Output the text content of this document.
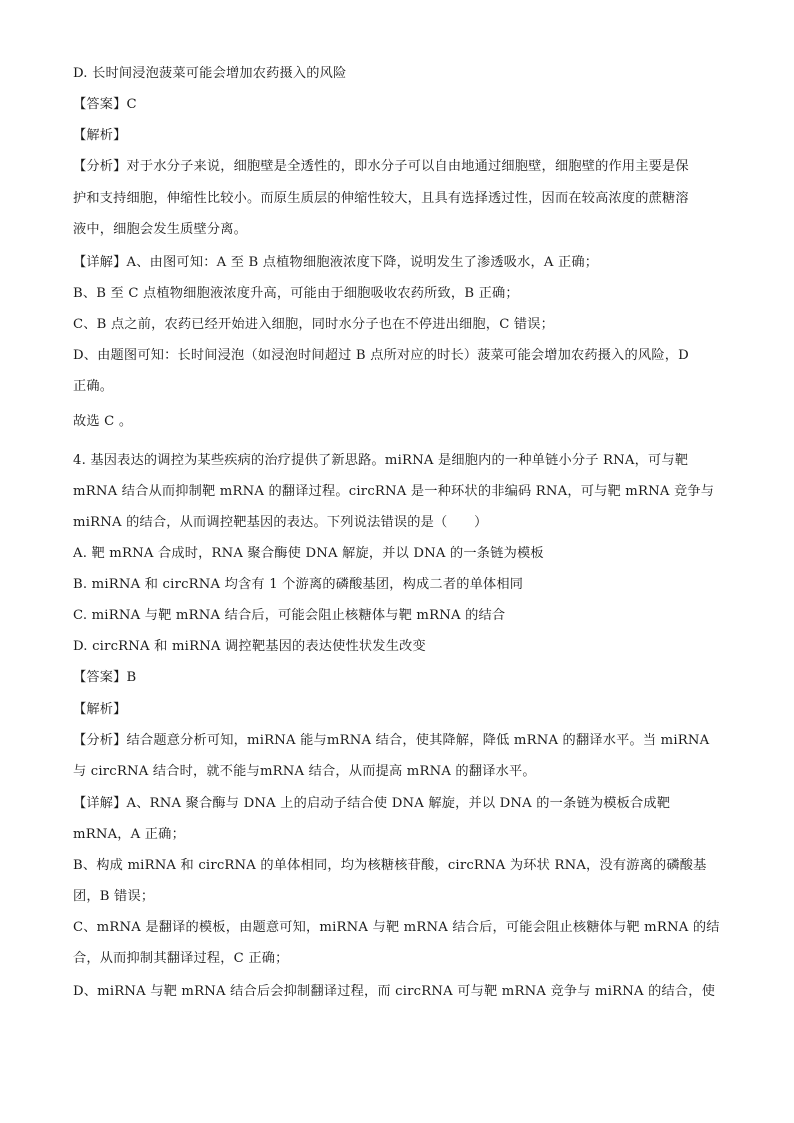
D. 长时间浸泡菠菜可能会增加农药摄入的风险
【答案】C
【解析】
【分析】对于水分子来说，细胞壁是全透性的，即水分子可以自由地通过细胞壁，细胞壁的作用主要是保
护和支持细胞，伸缩性比较小。而原生质层的伸缩性较大，且具有选择透过性，因而在较高浓度的蔗糖溶
液中，细胞会发生质壁分离。
【详解】A、由图可知：A 至 B 点植物细胞液浓度下降，说明发生了渗透吸水，A 正确；
B、B 至 C 点植物细胞液浓度升高，可能由于细胞吸收农药所致，B 正确；
C、B 点之前，农药已经开始进入细胞，同时水分子也在不停进出细胞，C 错误；
D、由题图可知：长时间浸泡（如浸泡时间超过 B 点所对应的时长）菠菜可能会增加农药摄入的风险，D
正确。
故选 C 。
4. 基因表达的调控为某些疾病的治疗提供了新思路。miRNA 是细胞内的一种单链小分子 RNA，可与靶
mRNA 结合从而抑制靶 mRNA 的翻译过程。circRNA 是一种环状的非编码 RNA，可与靶 mRNA 竞争与
miRNA 的结合，从而调控靶基因的表达。下列说法错误的是（　　）
A. 靶 mRNA 合成时，RNA 聚合酶使 DNA 解旋，并以 DNA 的一条链为模板
B. miRNA 和 circRNA 均含有 1 个游离的磷酸基团，构成二者的单体相同
C. miRNA 与靶 mRNA 结合后，可能会阻止核糖体与靶 mRNA 的结合
D. circRNA 和 miRNA 调控靶基因的表达使性状发生改变
【答案】B
【解析】
【分析】结合题意分析可知，miRNA 能与mRNA 结合，使其降解，降低 mRNA 的翻译水平。当 miRNA
与 circRNA 结合时，就不能与mRNA 结合，从而提高 mRNA 的翻译水平。
【详解】A、RNA 聚合酶与 DNA 上的启动子结合使 DNA 解旋，并以 DNA 的一条链为模板合成靶
mRNA，A 正确；
B、构成 miRNA 和 circRNA 的单体相同，均为核糖核苷酸，circRNA 为环状 RNA，没有游离的磷酸基
团，B 错误；
C、mRNA 是翻译的模板，由题意可知，miRNA 与靶 mRNA 结合后，可能会阻止核糖体与靶 mRNA 的结
合，从而抑制其翻译过程，C 正确；
D、miRNA 与靶 mRNA 结合后会抑制翻译过程，而 circRNA 可与靶 mRNA 竞争与 miRNA 的结合，使
